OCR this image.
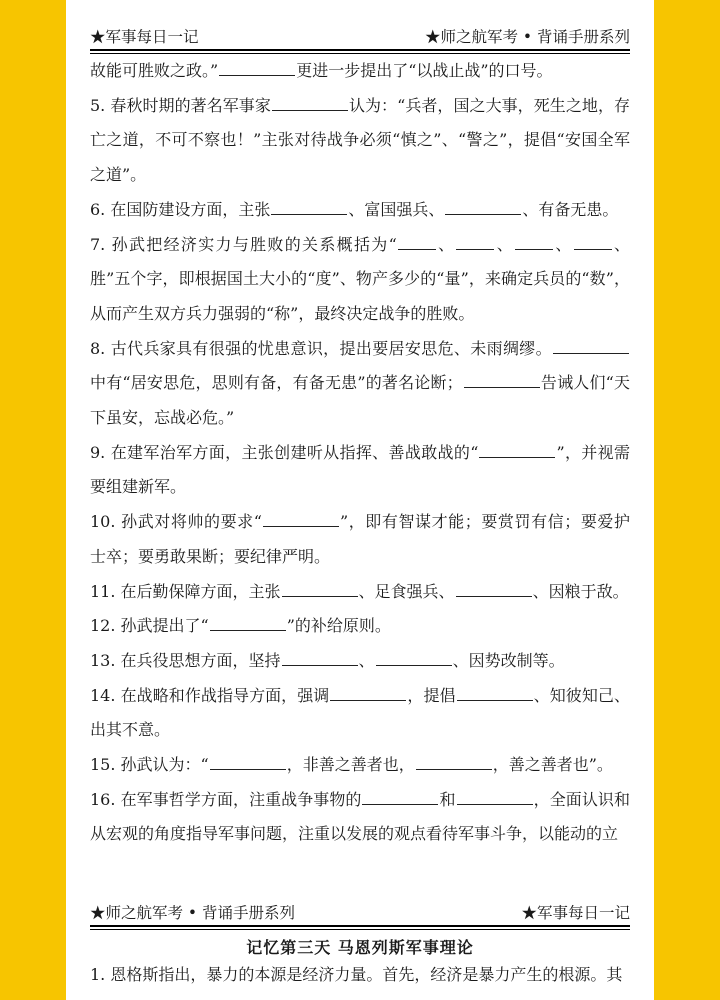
★军事每日一记	★师之航军考 • 背诵手册系列

故能可胜败之政。”	更进一步提出了“以战止战”的口号。

5. 春秋时期的著名军事家	认为：“兵者，国之大事，死生之地，存亡之道，不可不察也！”主张对待战争必须“慎之”、“警之”，提倡“安国全军之道”。

6. 在国防建设方面，主张	、富国强兵、	、有备无患。

7. 孙武把经济实力与胜败的关系概括为“	、	、	、	、胜”五个字，即根据国土大小的“度”、物产多少的“量”，来确定兵员的“数”，从而产生双方兵力强弱的“称”，最终决定战争的胜败。

8. 古代兵家具有很强的忧患意识，提出要居安思危、未雨绸缪。中有“居安思危，思则有备，有备无患”的著名论断；	告诫人们“天下虽安，忘战必危。”

9. 在建军治军方面，主张创建听从指挥、善战敢战的“	”，并视需要组建新军。

10. 孙武对将帅的要求“	”，即有智谋才能；要赏罚有信；要爱护士卒；要勇敢果断；要纪律严明。

11. 在后勤保障方面，主张	、足食强兵、	、因粮于敌。

12. 孙武提出了“	”的补给原则。

13. 在兵役思想方面，坚持	、	、因势改制等。

14. 在战略和作战指导方面，强调	，提倡	、知彼知己、出其不意。

15. 孙武认为：“	，非善之善者也，	，善之善者也”。

16. 在军事哲学方面，注重战争事物的	和	，全面认识和从宏观的角度指导军事问题，注重以发展的观点看待军事斗争，以能动的立

★师之航军考 • 背诵手册系列	★军事每日一记
记忆第三天 马恩列斯军事理论

1. 恩格斯指出，暴力的本源是经济力量。首先，经济是暴力产生的根源。其
